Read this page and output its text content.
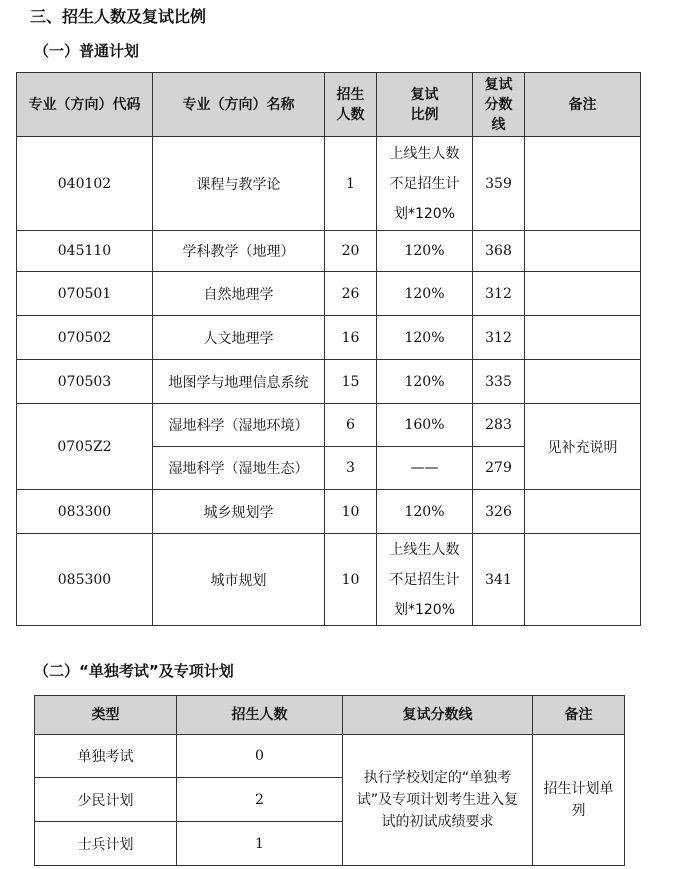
三、招生人数及复试比例
（一）普通计划
专业（方向）代码	专业（方向）名称	招生人数	复试比例	复试分数线	备注
040102	课程与教学论	1	上线生人数不足招生计划*120%	359	
045110	学科教学（地理）	20	120%	368	
070501	自然地理学	26	120%	312	
070502	人文地理学	16	120%	312	
070503	地图学与地理信息系统	15	120%	335	
0705Z2	湿地科学（湿地环境）	6	160%	283	见补充说明
	湿地科学（湿地生态）	3	——	279	
083300	城乡规划学	10	120%	326	
085300	城市规划	10	上线生人数不足招生计划*120%	341	
（二）“单独考试”及专项计划
类型	招生人数	复试分数线	备注
单独考试	0	执行学校划定的“单独考试”及专项计划考生进入复试的初试成绩要求	招生计划单列
少民计划	2		
士兵计划	1		
